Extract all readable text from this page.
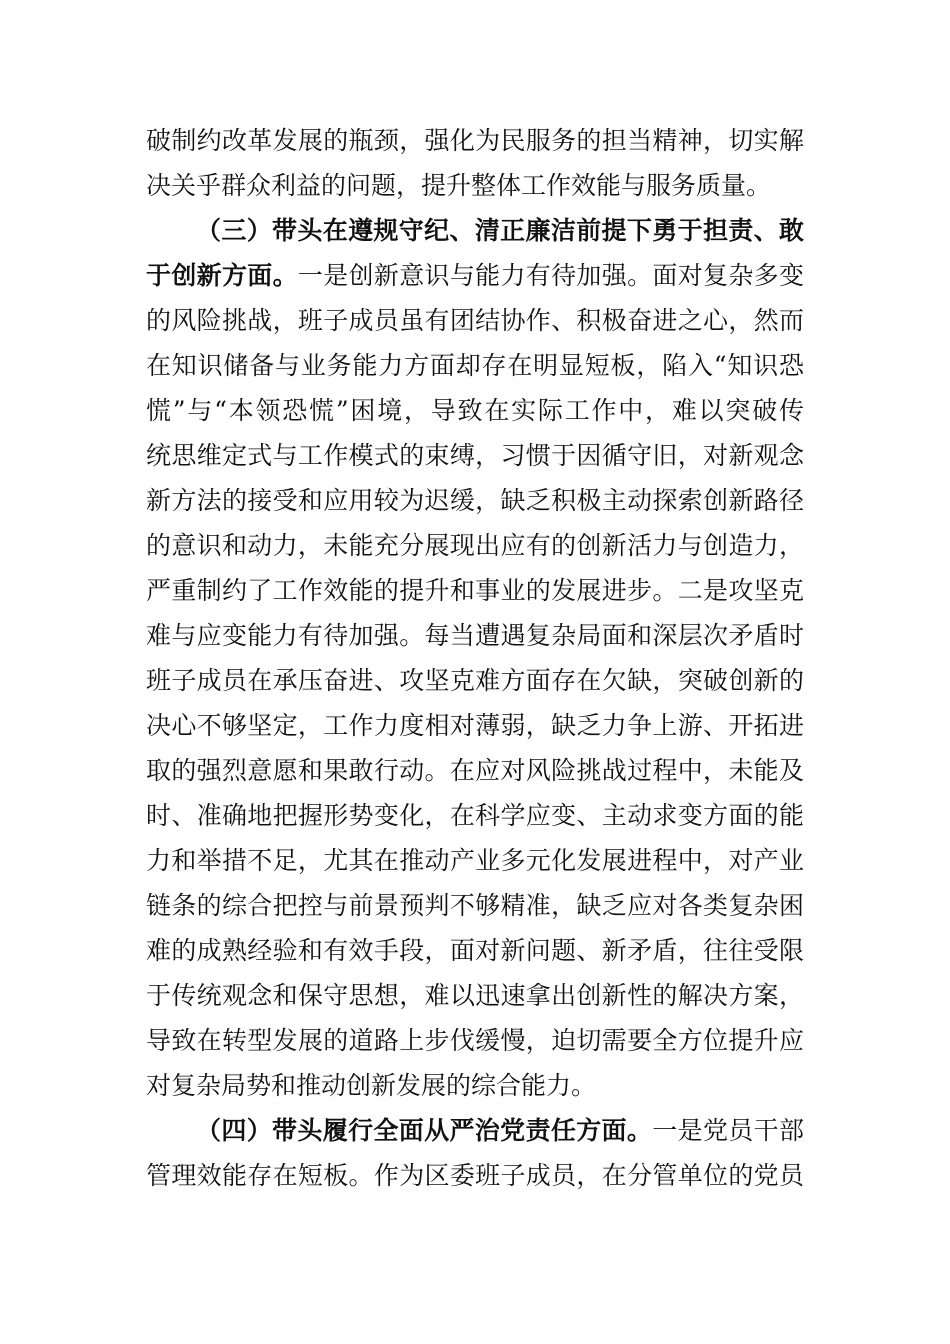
破制约改革发展的瓶颈，强化为民服务的担当精神，切实解
决关乎群众利益的问题，提升整体工作效能与服务质量。
（三）带头在遵规守纪、清正廉洁前提下勇于担责、敢
于创新方面。一是创新意识与能力有待加强。面对复杂多变
的风险挑战，班子成员虽有团结协作、积极奋进之心，然而
在知识储备与业务能力方面却存在明显短板，陷入“知识恐
慌”与“本领恐慌”困境，导致在实际工作中，难以突破传
统思维定式与工作模式的束缚，习惯于因循守旧，对新观念
新方法的接受和应用较为迟缓，缺乏积极主动探索创新路径
的意识和动力，未能充分展现出应有的创新活力与创造力，
严重制约了工作效能的提升和事业的发展进步。二是攻坚克
难与应变能力有待加强。每当遭遇复杂局面和深层次矛盾时
班子成员在承压奋进、攻坚克难方面存在欠缺，突破创新的
决心不够坚定，工作力度相对薄弱，缺乏力争上游、开拓进
取的强烈意愿和果敢行动。在应对风险挑战过程中，未能及
时、准确地把握形势变化，在科学应变、主动求变方面的能
力和举措不足，尤其在推动产业多元化发展进程中，对产业
链条的综合把控与前景预判不够精准，缺乏应对各类复杂困
难的成熟经验和有效手段，面对新问题、新矛盾，往往受限
于传统观念和保守思想，难以迅速拿出创新性的解决方案，
导致在转型发展的道路上步伐缓慢，迫切需要全方位提升应
对复杂局势和推动创新发展的综合能力。
（四）带头履行全面从严治党责任方面。一是党员干部
管理效能存在短板。作为区委班子成员，在分管单位的党员
